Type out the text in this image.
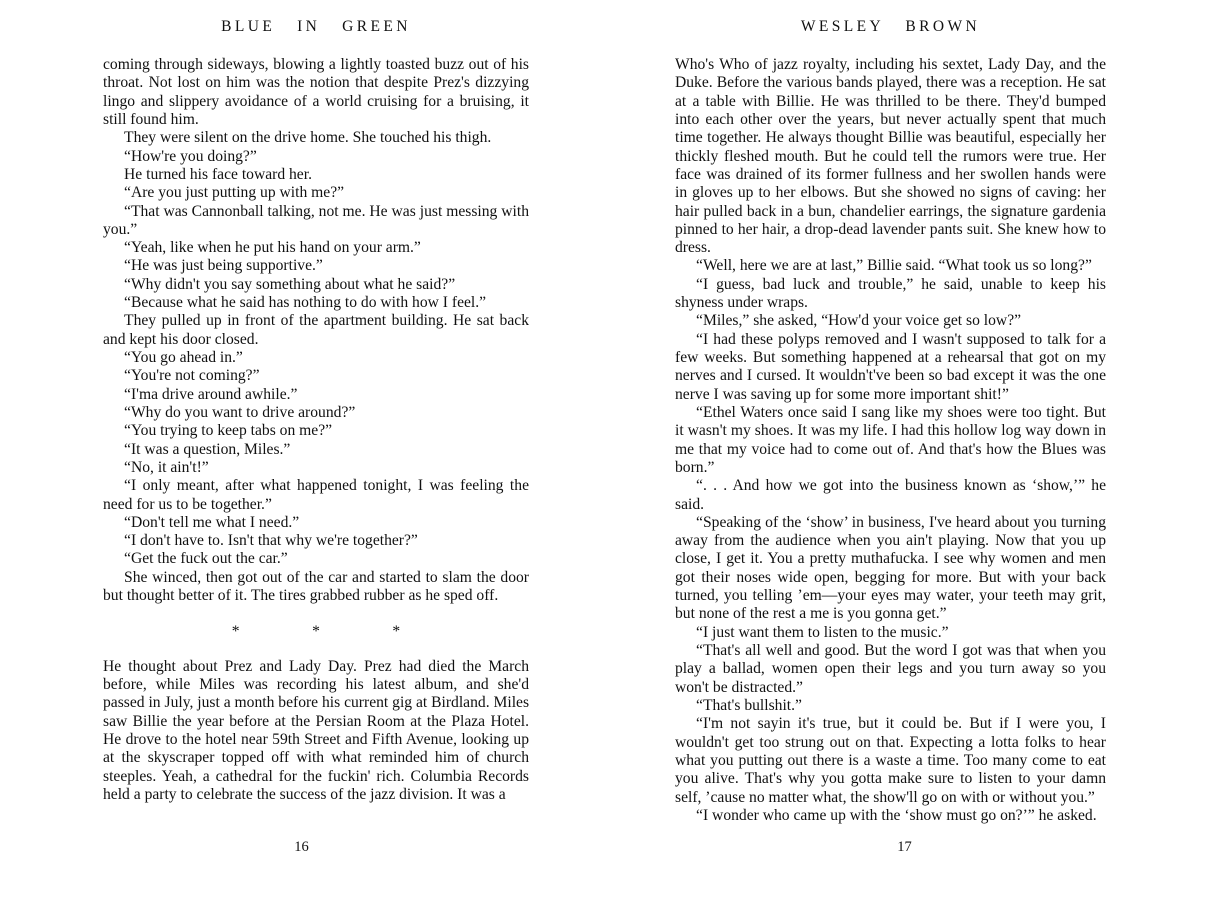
BLUE   IN   GREEN

coming through sideways, blowing a lightly toasted buzz out of his throat. Not lost on him was the notion that despite Prez's dizzying lingo and slippery avoidance of a world cruising for a bruising, it still found him.

They were silent on the drive home. She touched his thigh.

“How're you doing?”

He turned his face toward her.

“Are you just putting up with me?”

“That was Cannonball talking, not me. He was just messing with you.”

“Yeah, like when he put his hand on your arm.”

“He was just being supportive.”

“Why didn't you say something about what he said?”

“Because what he said has nothing to do with how I feel.”

They pulled up in front of the apartment building. He sat back and kept his door closed.

“You go ahead in.”

“You're not coming?”

“I'ma drive around awhile.”

“Why do you want to drive around?”

“You trying to keep tabs on me?”

“It was a question, Miles.”

“No, it ain't!”

“I only meant, after what happened tonight, I was feeling the need for us to be together.”

“Don't tell me what I need.”

“I don't have to. Isn't that why we're together?”

“Get the fuck out the car.”

She winced, then got out of the car and started to slam the door but thought better of it. The tires grabbed rubber as he sped off.

* * *

He thought about Prez and Lady Day. Prez had died the March before, while Miles was recording his latest album, and she'd passed in July, just a month before his current gig at Birdland. Miles saw Billie the year before at the Persian Room at the Plaza Hotel. He drove to the hotel near 59th Street and Fifth Avenue, looking up at the skyscraper topped off with what reminded him of church steeples. Yeah, a cathedral for the fuckin' rich. Columbia Records held a party to celebrate the success of the jazz division. It was a

16
WESLEY   BROWN

Who's Who of jazz royalty, including his sextet, Lady Day, and the Duke. Before the various bands played, there was a reception. He sat at a table with Billie. He was thrilled to be there. They'd bumped into each other over the years, but never actually spent that much time together. He always thought Billie was beautiful, especially her thickly fleshed mouth. But he could tell the rumors were true. Her face was drained of its former fullness and her swollen hands were in gloves up to her elbows. But she showed no signs of caving: her hair pulled back in a bun, chandelier earrings, the signature gardenia pinned to her hair, a drop-dead lavender pants suit. She knew how to dress.

“Well, here we are at last,” Billie said. “What took us so long?”

“I guess, bad luck and trouble,” he said, unable to keep his shyness under wraps.

“Miles,” she asked, “How'd your voice get so low?”

“I had these polyps removed and I wasn't supposed to talk for a few weeks. But something happened at a rehearsal that got on my nerves and I cursed. It wouldn't've been so bad except it was the one nerve I was saving up for some more important shit!”

“Ethel Waters once said I sang like my shoes were too tight. But it wasn't my shoes. It was my life. I had this hollow log way down in me that my voice had to come out of. And that's how the Blues was born.”

“. . . And how we got into the business known as ‘show,’” he said.

“Speaking of the ‘show’ in business, I've heard about you turning away from the audience when you ain't playing. Now that you up close, I get it. You a pretty muthafucka. I see why women and men got their noses wide open, begging for more. But with your back turned, you telling ’em—your eyes may water, your teeth may grit, but none of the rest a me is you gonna get.”

“I just want them to listen to the music.”

“That's all well and good. But the word I got was that when you play a ballad, women open their legs and you turn away so you won't be distracted.”

“That's bullshit.”

“I'm not sayin it's true, but it could be. But if I were you, I wouldn't get too strung out on that. Expecting a lotta folks to hear what you putting out there is a waste a time. Too many come to eat you alive. That's why you gotta make sure to listen to your damn self, ’cause no matter what, the show'll go on with or without you.”

“I wonder who came up with the ‘show must go on?’” he asked.

17
